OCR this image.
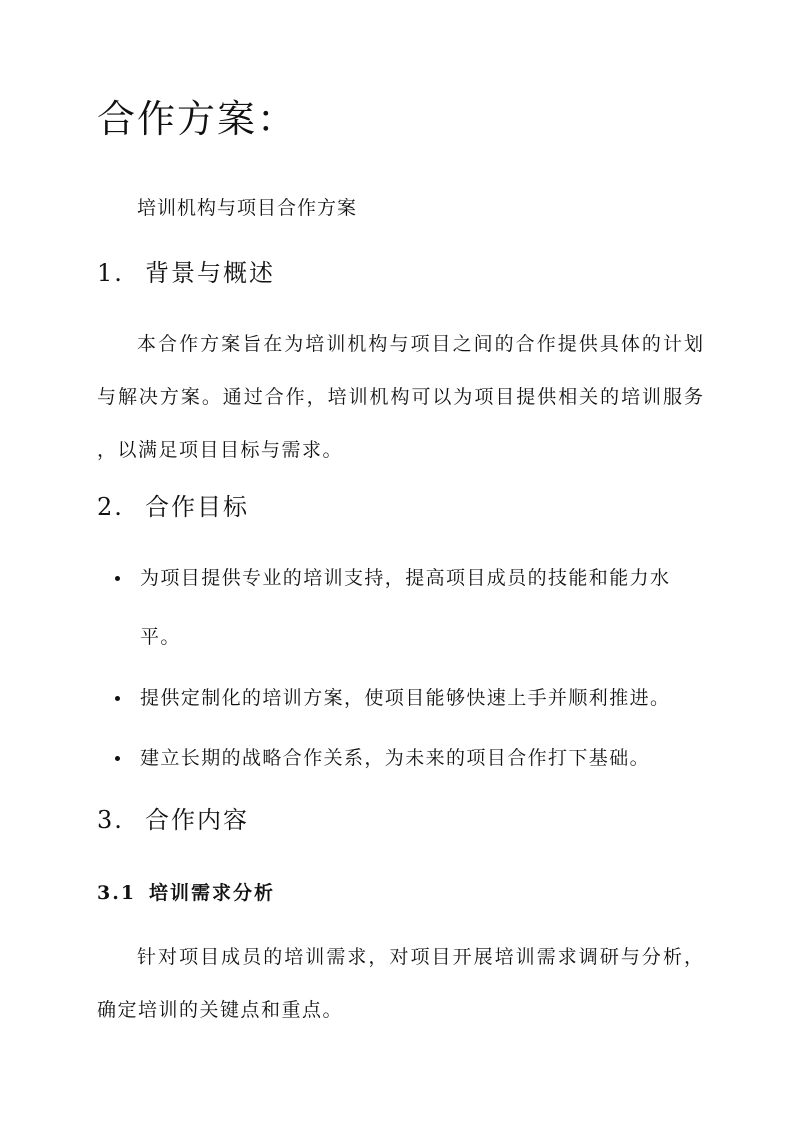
合作方案：

培训机构与项目合作方案

1. 背景与概述
本合作方案旨在为培训机构与项目之间的合作提供具体的计划
与解决方案。通过合作，培训机构可以为项目提供相关的培训服务
，以满足项目目标与需求。
2. 合作目标
为项目提供专业的培训支持，提高项目成员的技能和能力水
平。
提供定制化的培训方案，使项目能够快速上手并顺利推进。
建立长期的战略合作关系，为未来的项目合作打下基础。
3. 合作内容
3.1 培训需求分析
针对项目成员的培训需求，对项目开展培训需求调研与分析，
确定培训的关键点和重点。
